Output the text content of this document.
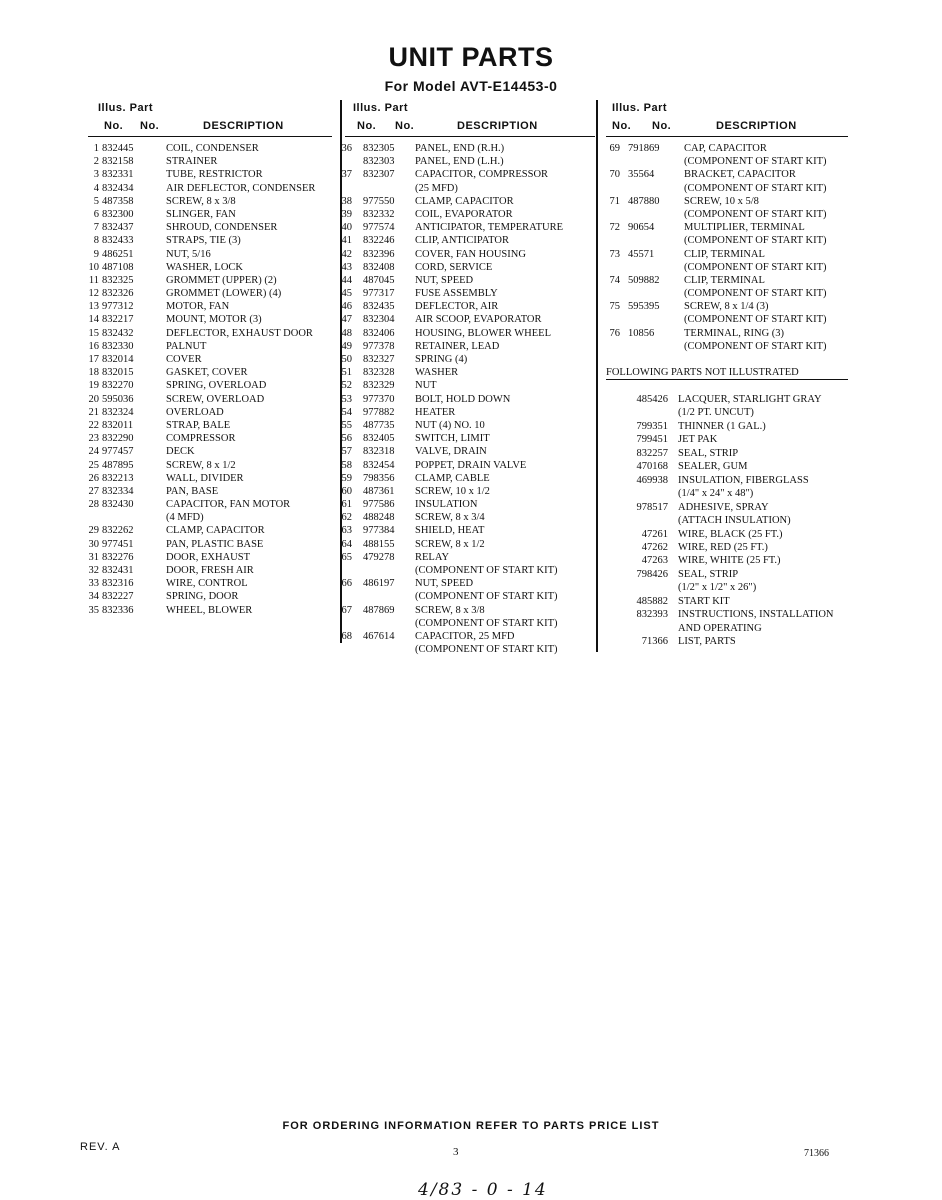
UNIT PARTS
For Model AVT-E14453-0
Illus. Part
No. No.	DESCRIPTION
1 832445	COIL, CONDENSER
2 832158	STRAINER
3 832331	TUBE, RESTRICTOR
4 832434	AIR DEFLECTOR, CONDENSER
5 487358	SCREW, 8 x 3/8
6 832300	SLINGER, FAN
7 832437	SHROUD, CONDENSER
8 832433	STRAPS, TIE (3)
9 486251	NUT, 5/16
10 487108	WASHER, LOCK
11 832325	GROMMET (UPPER) (2)
12 832326	GROMMET (LOWER) (4)
13 977312	MOTOR, FAN
14 832217	MOUNT, MOTOR (3)
15 832432	DEFLECTOR, EXHAUST DOOR
16 832330	PALNUT
17 832014	COVER
18 832015	GASKET, COVER
19 832270	SPRING, OVERLOAD
20 595036	SCREW, OVERLOAD
21 832324	OVERLOAD
22 832011	STRAP, BALE
23 832290	COMPRESSOR
24 977457	DECK
25 487895	SCREW, 8 x 1/2
26 832213	WALL, DIVIDER
27 832334	PAN, BASE
28 832430	CAPACITOR, FAN MOTOR
(4 MFD)
29 832262	CLAMP, CAPACITOR
30 977451	PAN, PLASTIC BASE
31 832276	DOOR, EXHAUST
32 832431	DOOR, FRESH AIR
33 832316	WIRE, CONTROL
34 832227	SPRING, DOOR
35 832336	WHEEL, BLOWER
Illus. Part
No. No.	DESCRIPTION
36 832305 PANEL, END (R.H.)
832303 PANEL, END (L.H.)
37 832307 CAPACITOR, COMPRESSOR
(25 MFD)
38 977550 CLAMP, CAPACITOR
39 832332 COIL, EVAPORATOR
40 977574 ANTICIPATOR, TEMPERATURE
41 832246 CLIP, ANTICIPATOR
42 832396 COVER, FAN HOUSING
43 832408 CORD, SERVICE
44 487045 NUT, SPEED
45 977317 FUSE ASSEMBLY
46 832435 DEFLECTOR, AIR
47 832304 AIR SCOOP, EVAPORATOR
48 832406 HOUSING, BLOWER WHEEL
49 977378 RETAINER, LEAD
50 832327 SPRING (4)
51 832328 WASHER
52 832329 NUT
53 977370 BOLT, HOLD DOWN
54 977882 HEATER
55 487735 NUT (4) NO. 10
56 832405 SWITCH, LIMIT
57 832318 VALVE, DRAIN
58 832454 POPPET, DRAIN VALVE
59 798356 CLAMP, CABLE
60 487361 SCREW, 10 x 1/2
61 977586 INSULATION
62 488248 SCREW, 8 x 3/4
63 977384 SHIELD, HEAT
64 488155 SCREW, 8 x 1/2
65 479278 RELAY
(COMPONENT OF START KIT)
66 486197 NUT, SPEED
(COMPONENT OF START KIT)
67 487869 SCREW, 8 x 3/8
(COMPONENT OF START KIT)
68 467614 CAPACITOR, 25 MFD
(COMPONENT OF START KIT)
Illus. Part
No. No.	DESCRIPTION
69 791869 CAP, CAPACITOR
(COMPONENT OF START KIT)
70 35564	BRACKET, CAPACITOR
(COMPONENT OF START KIT)
71 487880 SCREW, 10 x 5/8
(COMPONENT OF START KIT)
72 90654	MULTIPLIER, TERMINAL
(COMPONENT OF START KIT)
73 45571	CLIP, TERMINAL
(COMPONENT OF START KIT)
74 509882 CLIP, TERMINAL
(COMPONENT OF START KIT)
75 595395 SCREW, 8 x 1/4 (3)
(COMPONENT OF START KIT)
76 10856	TERMINAL, RING (3)
(COMPONENT OF START KIT)
FOLLOWING PARTS NOT ILLUSTRATED
485426 LACQUER, STARLIGHT GRAY
(1/2 PT. UNCUT)
799351 THINNER (1 GAL.)
799451 JET PAK
832257 SEAL, STRIP
470168 SEALER, GUM
469938 INSULATION, FIBERGLASS
(1/4" x 24" x 48")
978517 ADHESIVE, SPRAY
(ATTACH INSULATION)
47261 WIRE, BLACK (25 FT.)
47262 WIRE, RED (25 FT.)
47263 WIRE, WHITE (25 FT.)
798426 SEAL, STRIP
(1/2" x 1/2" x 26")
485882 START KIT
832393 INSTRUCTIONS, INSTALLATION
AND OPERATING
71366 LIST, PARTS
FOR ORDERING INFORMATION REFER TO PARTS PRICE LIST
REV. A	3	71366
4/83 - 0 - 14
